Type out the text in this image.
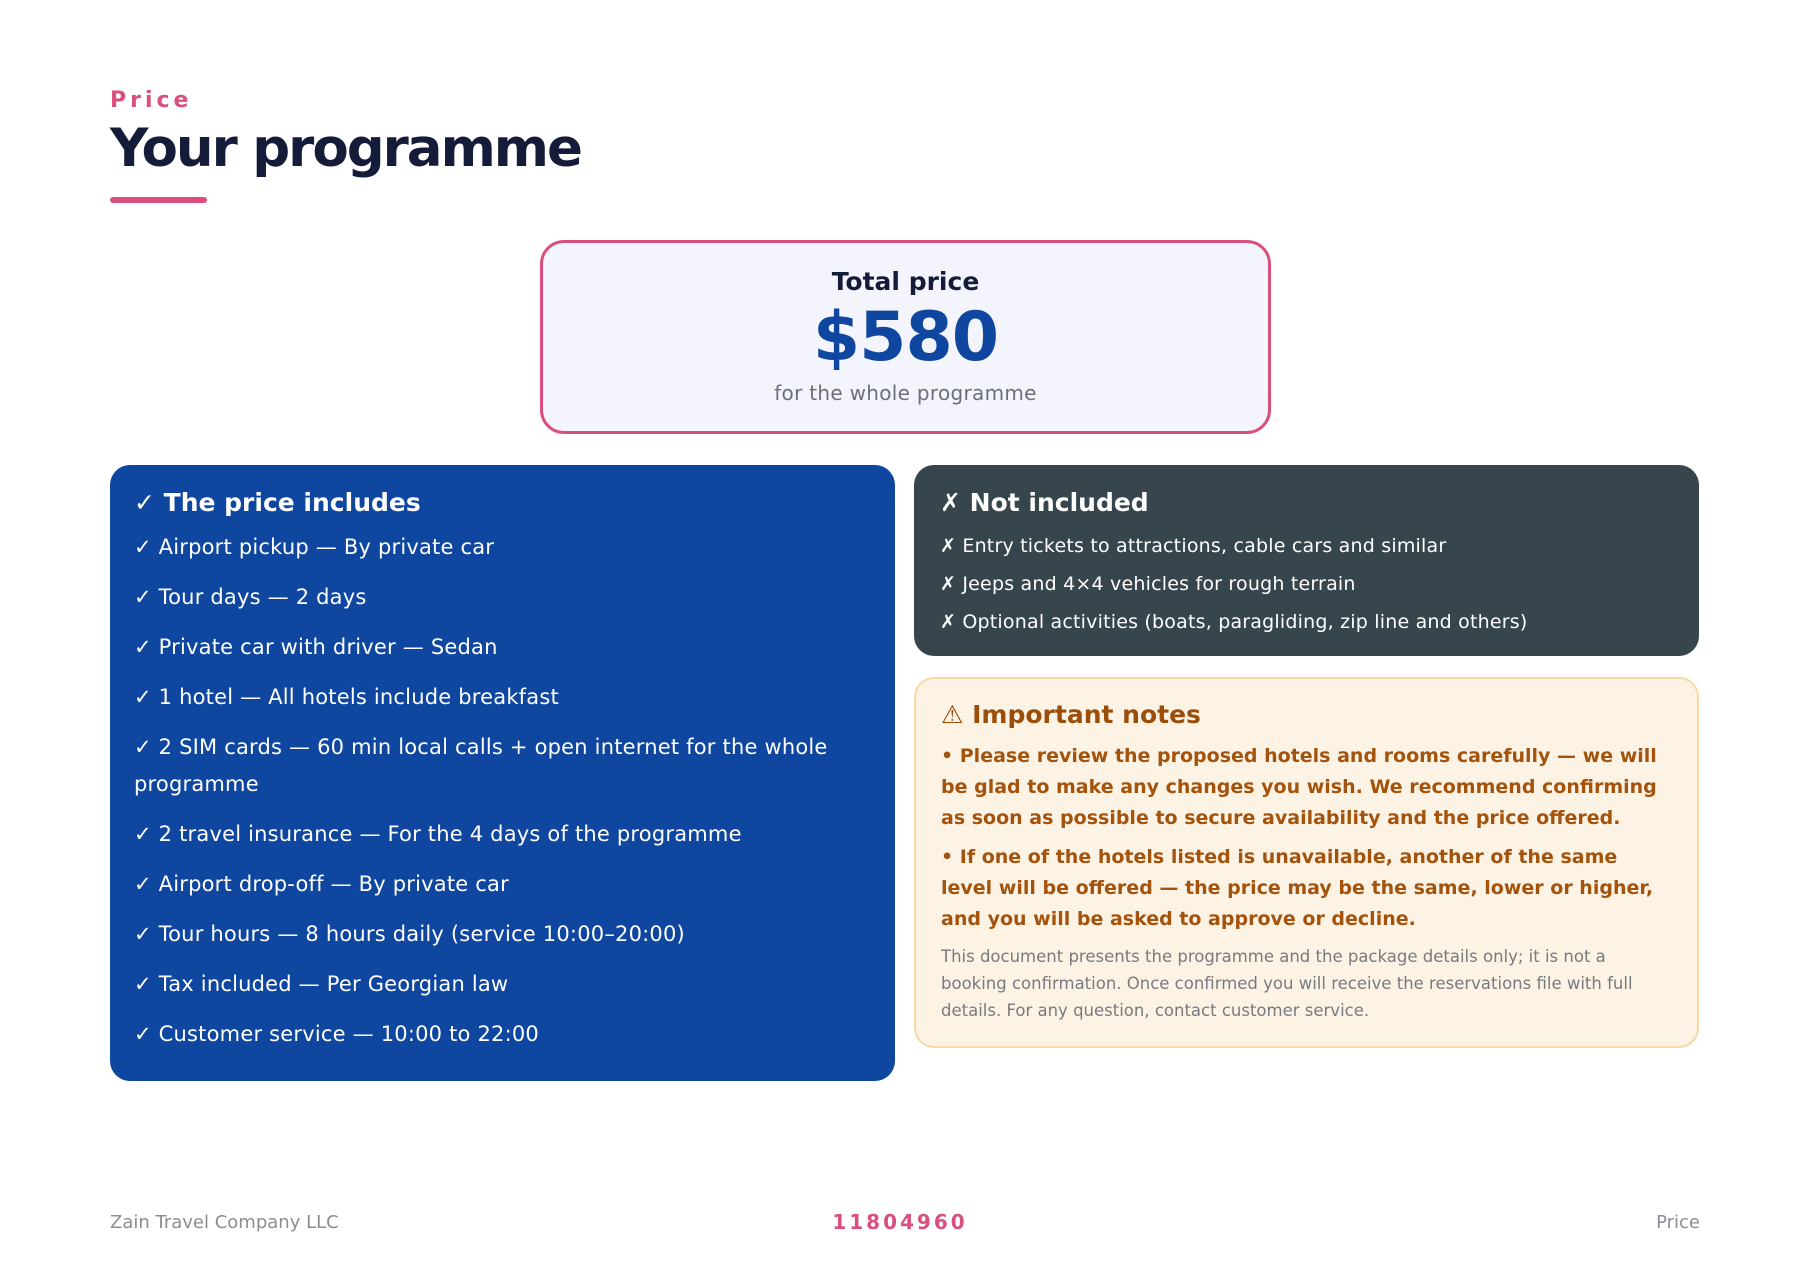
Price
Your programme
Total price
$580
for the whole programme
✓ The price includes
✓ Airport pickup — By private car
✓ Tour days — 2 days
✓ Private car with driver — Sedan
✓ 1 hotel — All hotels include breakfast
✓ 2 SIM cards — 60 min local calls + open internet for the whole programme
✓ 2 travel insurance — For the 4 days of the programme
✓ Airport drop-off — By private car
✓ Tour hours — 8 hours daily (service 10:00–20:00)
✓ Tax included — Per Georgian law
✓ Customer service — 10:00 to 22:00
✗ Not included
✗ Entry tickets to attractions, cable cars and similar
✗ Jeeps and 4×4 vehicles for rough terrain
✗ Optional activities (boats, paragliding, zip line and others)
⚠ Important notes
• Please review the proposed hotels and rooms carefully — we will be glad to make any changes you wish. We recommend confirming as soon as possible to secure availability and the price offered.
• If one of the hotels listed is unavailable, another of the same level will be offered — the price may be the same, lower or higher, and you will be asked to approve or decline.

This document presents the programme and the package details only; it is not a booking confirmation. Once confirmed you will receive the reservations file with full details. For any question, contact customer service.

Zain Travel Company LLC	11804960	Price
